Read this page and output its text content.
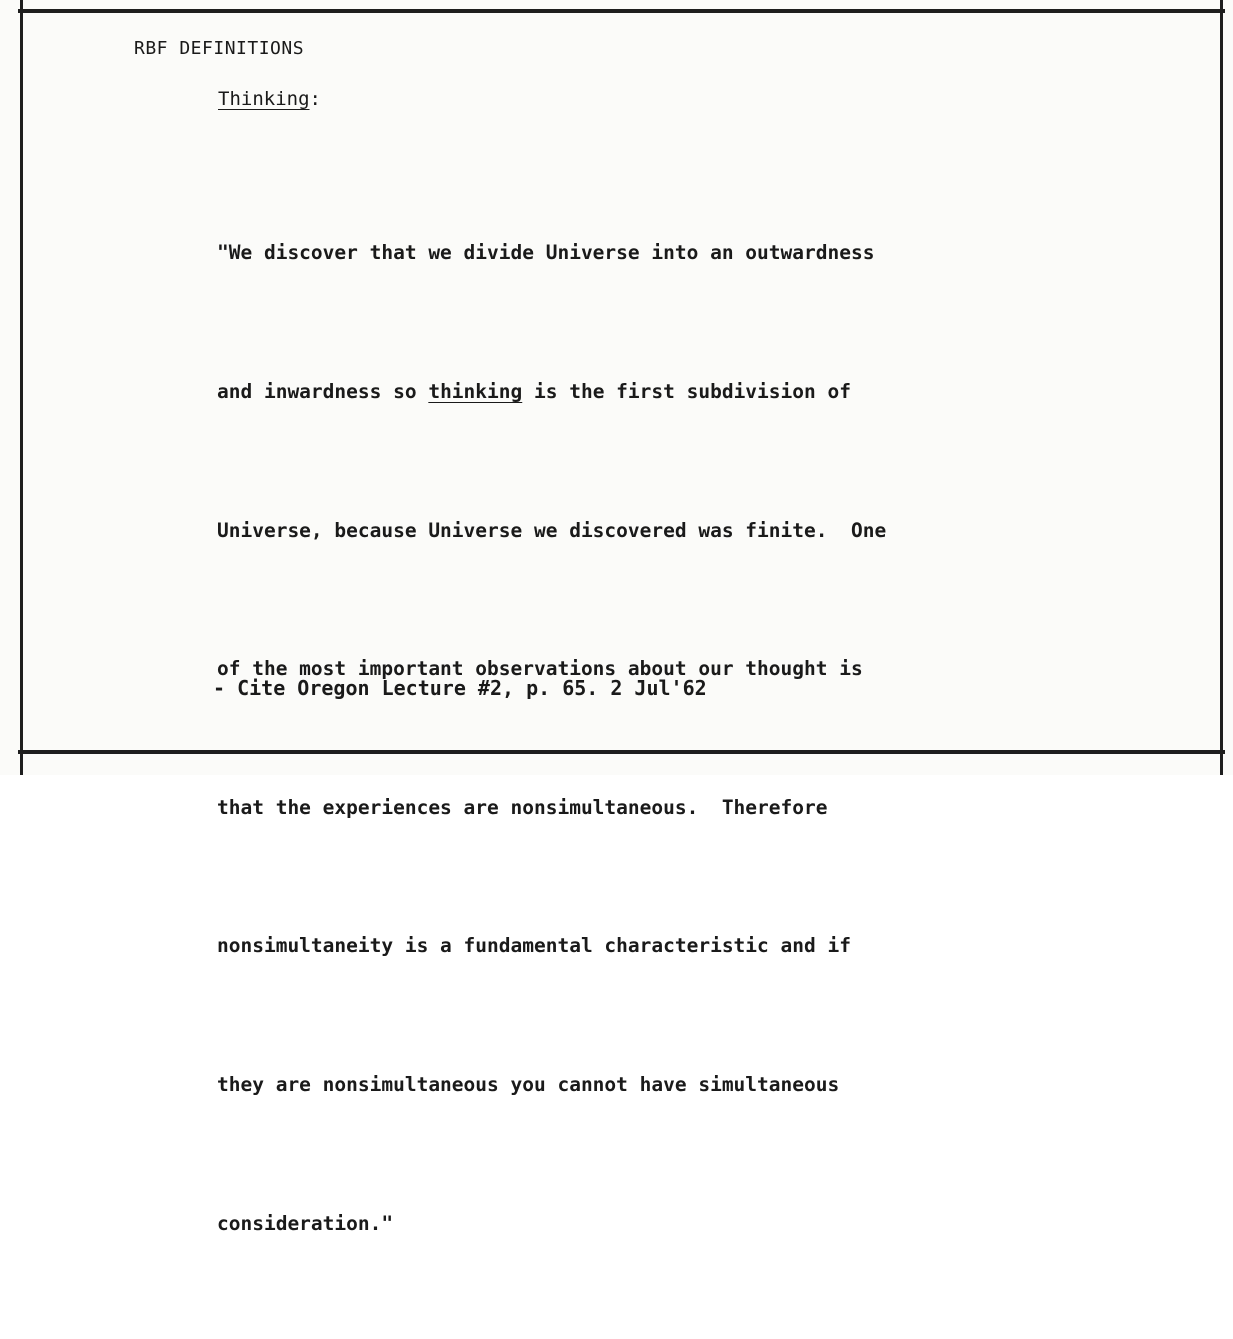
RBF DEFINITIONS
Thinking:

"We discover that we divide Universe into an outwardness

and inwardness so thinking is the first subdivision of

Universe, because Universe we discovered was finite.  One

of the most important observations about our thought is

that the experiences are nonsimultaneous.  Therefore

nonsimultaneity is a fundamental characteristic and if

they are nonsimultaneous you cannot have simultaneous

consideration."

- Cite Oregon Lecture #2, p. 65. 2 Jul'62
